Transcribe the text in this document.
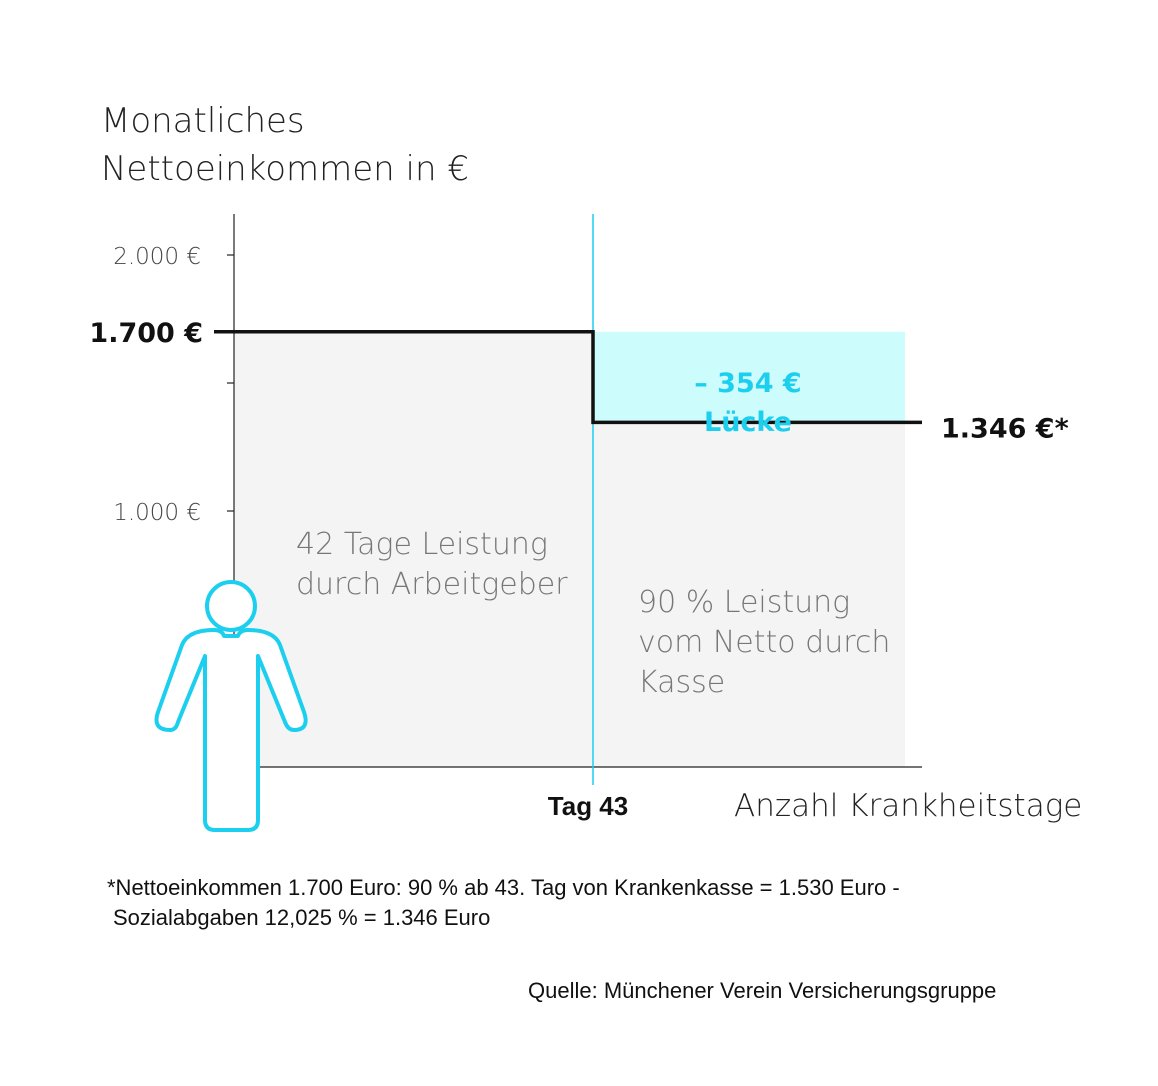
Monatliches
Nettoeinkommen in €
2.000 €
1.000 €
1.700 €
1.346 €*
– 354 €
Lücke
42 Tage Leistung
durch Arbeitgeber
90 % Leistung
vom Netto durch
Kasse
Tag 43	Anzahl Krankheitstage
*Nettoeinkommen 1.700 Euro: 90 % ab 43. Tag von Krankenkasse = 1.530 Euro -
Sozialabgaben 12,025 % = 1.346 Euro
Quelle: Münchener Verein Versicherungsgruppe
